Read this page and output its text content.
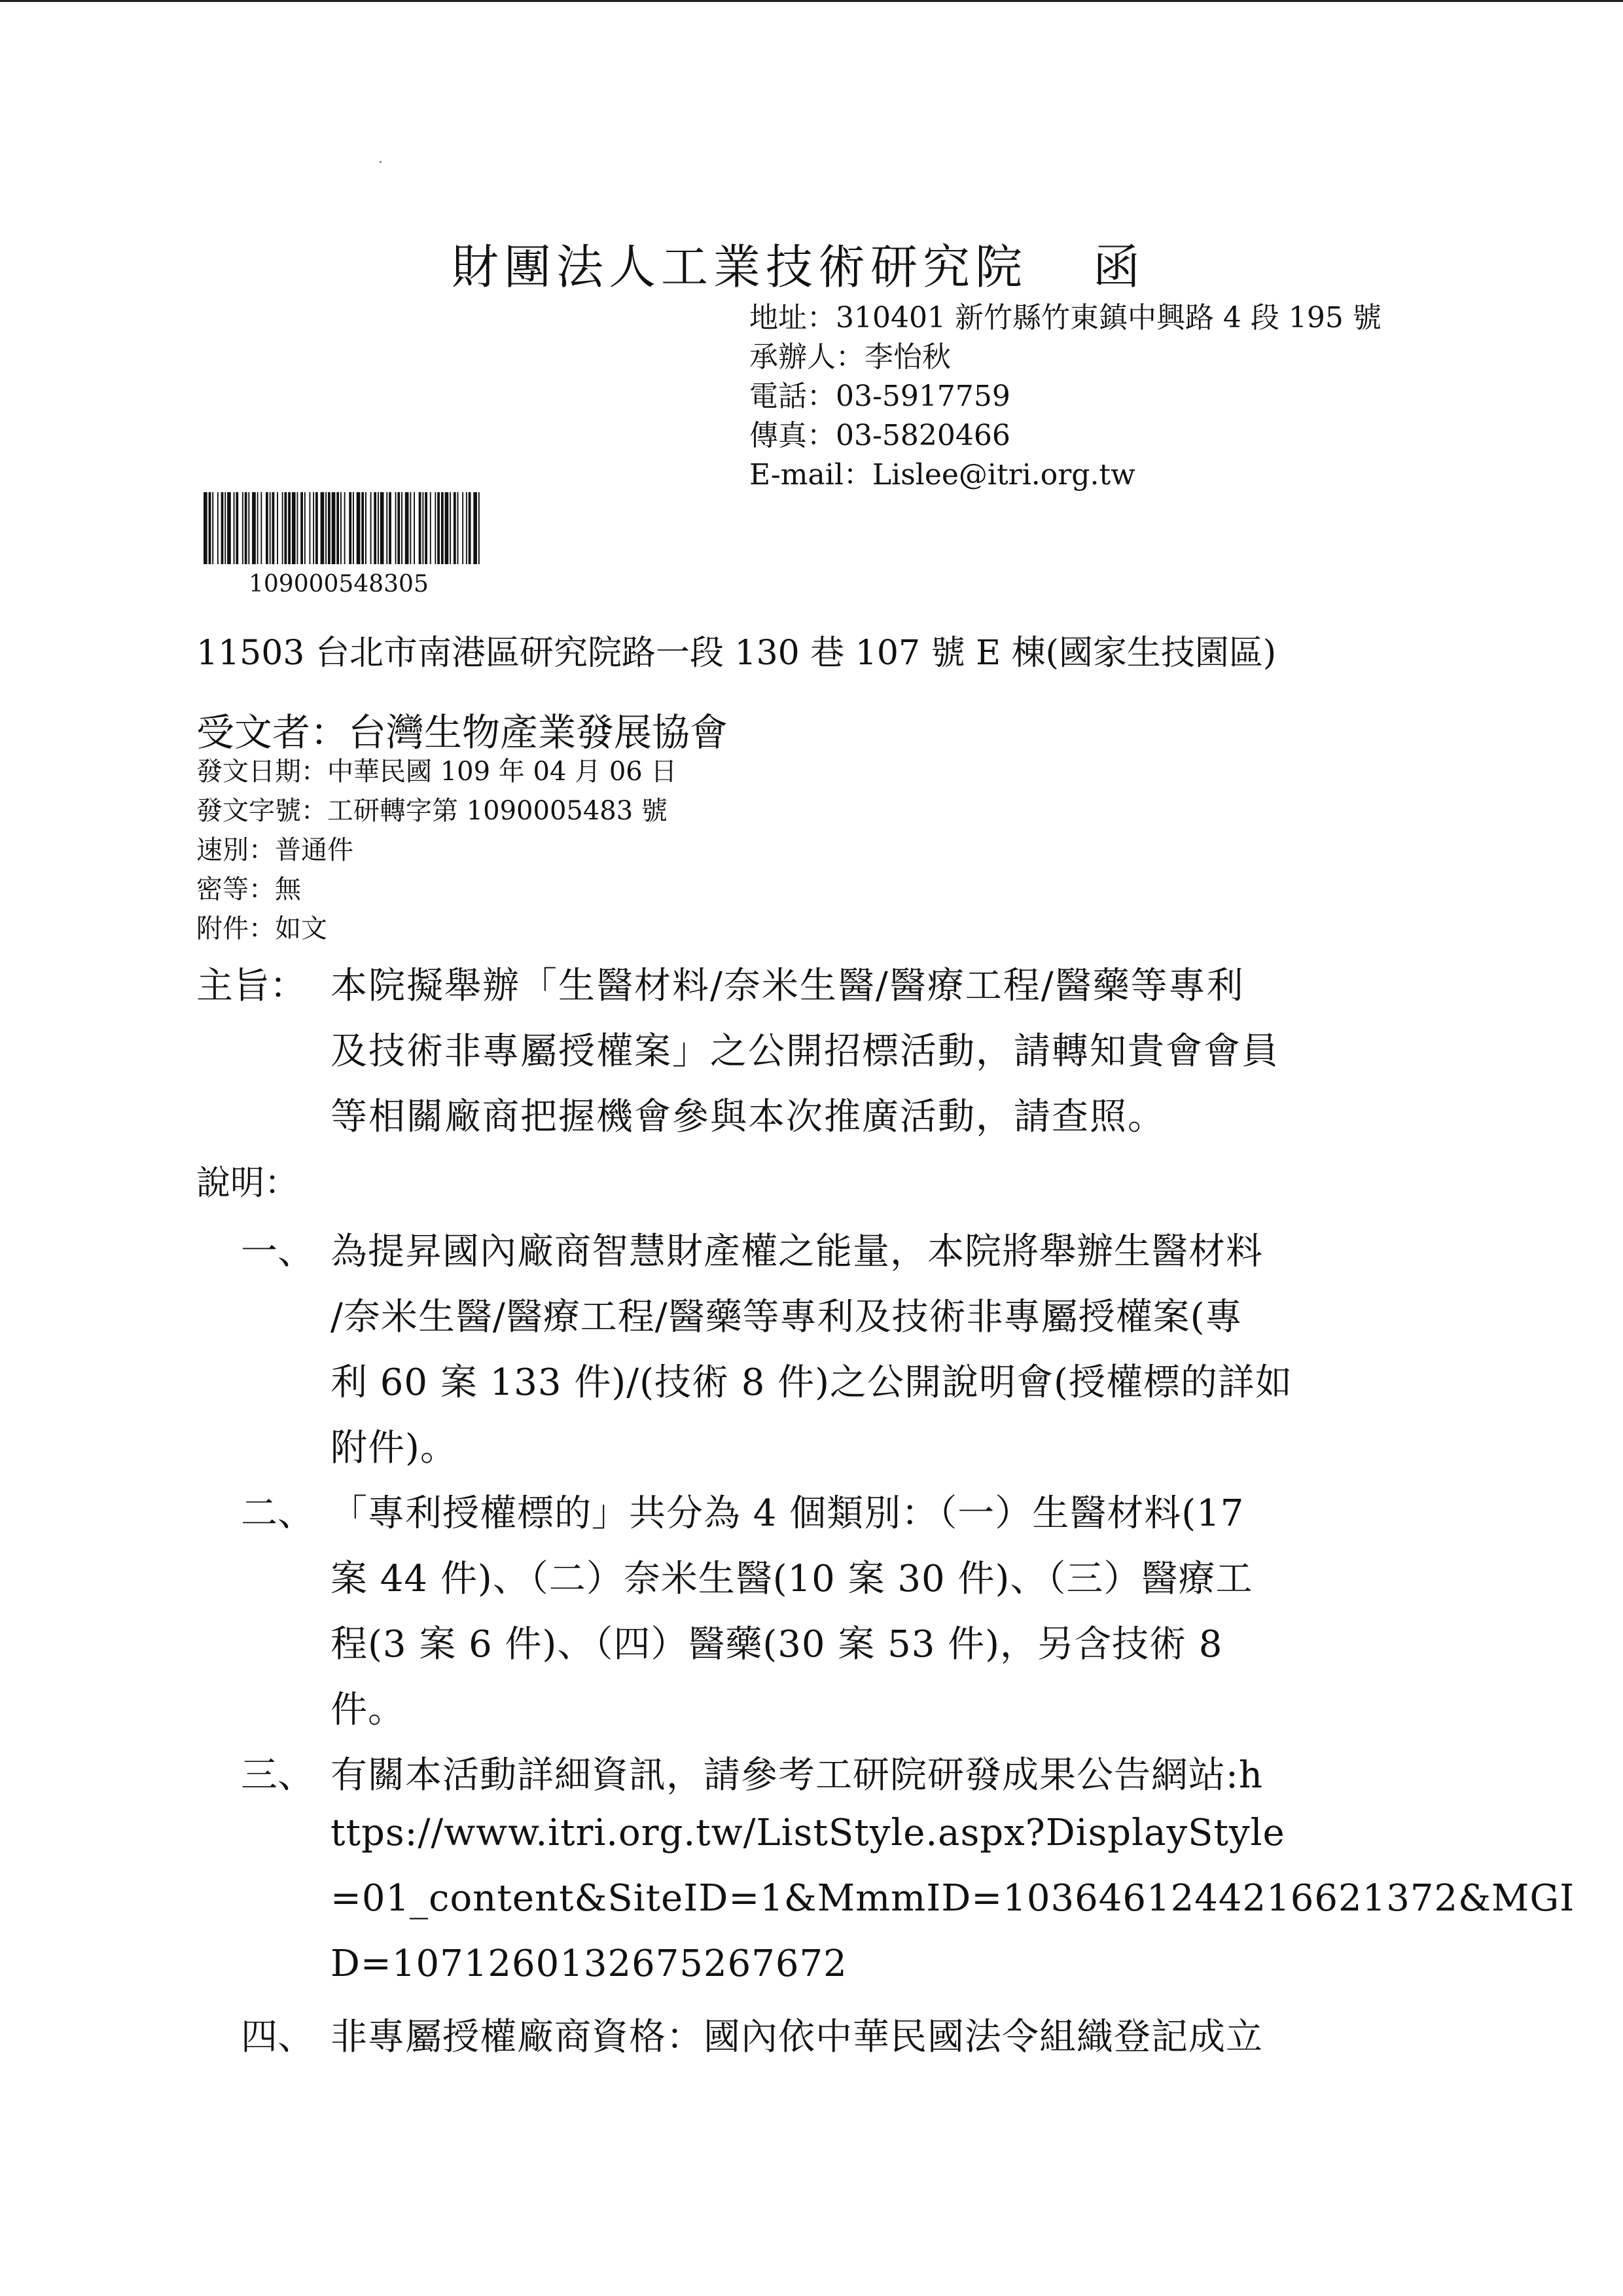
財團法人工業技術研究院 函
地址：310401 新竹縣竹東鎮中興路 4 段 195 號
承辦人：李怡秋
電話：03-5917759
傳真：03-5820466
E-mail：Lislee@itri.org.tw
109000548305
11503 台北市南港區研究院路一段 130 巷 107 號 E 棟(國家生技園區)
受文者：台灣生物產業發展協會
發文日期：中華民國 109 年 04 月 06 日
發文字號：工研轉字第 1090005483 號
速別：普通件
密等：無
附件：如文
主旨： 本院擬舉辦「生醫材料/奈米生醫/醫療工程/醫藥等專利
及技術非專屬授權案」之公開招標活動，請轉知貴會會員
等相關廠商把握機會參與本次推廣活動，請查照。
說明：
一、 為提昇國內廠商智慧財產權之能量，本院將舉辦生醫材料
/奈米生醫/醫療工程/醫藥等專利及技術非專屬授權案(專
利 60 案 133 件)/(技術 8 件)之公開說明會(授權標的詳如
附件)。
二、 「專利授權標的」共分為 4 個類別：（一）生醫材料(17
案 44 件)、（二）奈米生醫(10 案 30 件)、（三）醫療工
程(3 案 6 件)、（四）醫藥(30 案 53 件)，另含技術 8
件。
三、 有關本活動詳細資訊，請參考工研院研發成果公告網站:h
ttps://www.itri.org.tw/ListStyle.aspx?DisplayStyle
=01_content&SiteID=1&MmmID=1036461244216621372&MGI
D=1071260132675267672
四、 非專屬授權廠商資格：國內依中華民國法令組織登記成立
